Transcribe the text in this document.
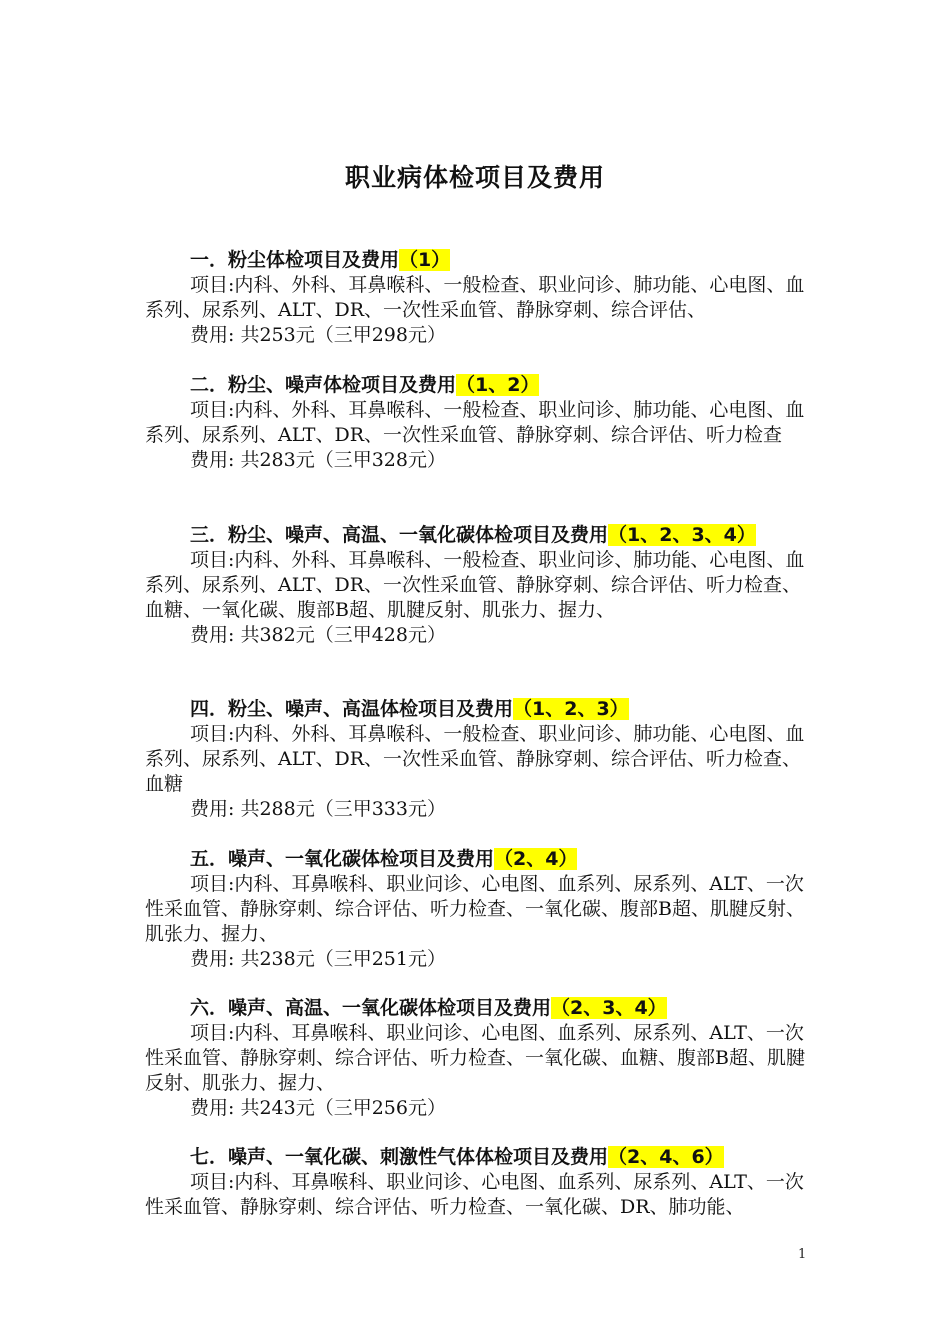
职业病体检项目及费用
一．粉尘体检项目及费用（1）
项目:内科、外科、耳鼻喉科、一般检查、职业问诊、肺功能、心电图、血系列、尿系列、ALT、DR、一次性采血管、静脉穿刺、综合评估、
费用: 共253元（三甲298元）
二．粉尘、噪声体检项目及费用（1、2）
项目:内科、外科、耳鼻喉科、一般检查、职业问诊、肺功能、心电图、血系列、尿系列、ALT、DR、一次性采血管、静脉穿刺、综合评估、听力检查
费用: 共283元（三甲328元）
三．粉尘、噪声、高温、一氧化碳体检项目及费用（1、2、3、4）
项目:内科、外科、耳鼻喉科、一般检查、职业问诊、肺功能、心电图、血系列、尿系列、ALT、DR、一次性采血管、静脉穿刺、综合评估、听力检查、血糖、一氧化碳、腹部B超、肌腱反射、肌张力、握力、
费用: 共382元（三甲428元）
四．粉尘、噪声、高温体检项目及费用（1、2、3）
项目:内科、外科、耳鼻喉科、一般检查、职业问诊、肺功能、心电图、血系列、尿系列、ALT、DR、一次性采血管、静脉穿刺、综合评估、听力检查、血糖
费用: 共288元（三甲333元）
五．噪声、一氧化碳体检项目及费用（2、4）
项目:内科、耳鼻喉科、职业问诊、心电图、血系列、尿系列、ALT、一次性采血管、静脉穿刺、综合评估、听力检查、一氧化碳、腹部B超、肌腱反射、肌张力、握力、
费用: 共238元（三甲251元）
六．噪声、高温、一氧化碳体检项目及费用（2、3、4）
项目:内科、耳鼻喉科、职业问诊、心电图、血系列、尿系列、ALT、一次性采血管、静脉穿刺、综合评估、听力检查、一氧化碳、血糖、腹部B超、肌腱反射、肌张力、握力、
费用: 共243元（三甲256元）
七．噪声、一氧化碳、刺激性气体体检项目及费用（2、4、6）
项目:内科、耳鼻喉科、职业问诊、心电图、血系列、尿系列、ALT、一次性采血管、静脉穿刺、综合评估、听力检查、一氧化碳、DR、肺功能、
1
